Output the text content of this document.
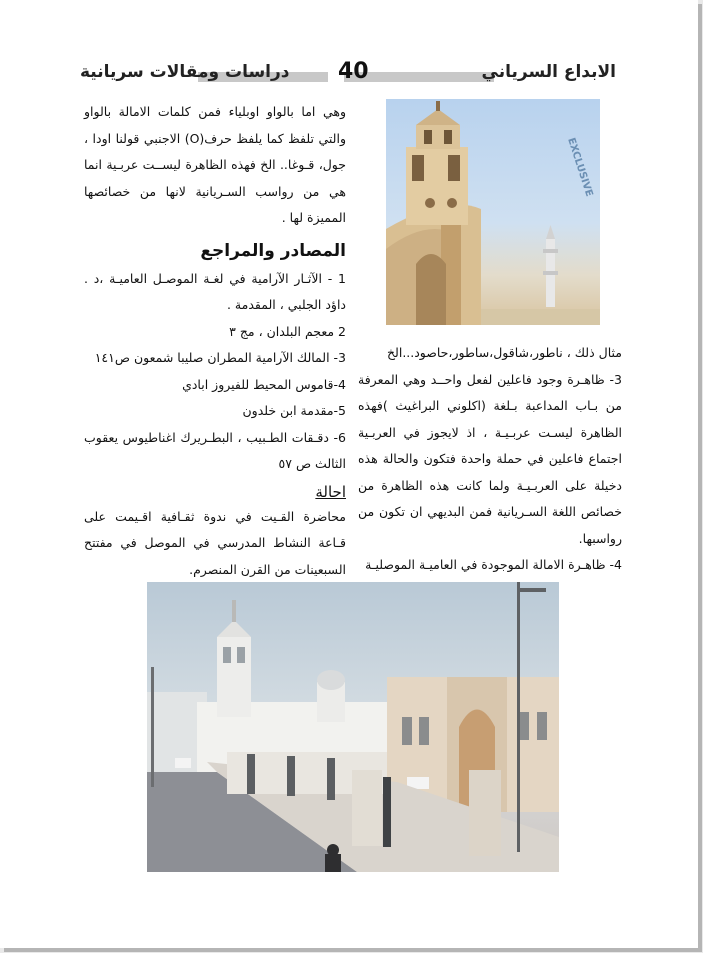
الابداع السرياني
40
دراسات ومقالات سريانية

وهي اما بالواو اوبلياء فمن كلمات الامالة بالواو والتي تلفظ كما يلفظ حرف(O) الاجنبي قولنا اودا ، جول، قـوغا.. الخ فهذه الظاهرة ليســت عربـية انما هي من رواسب السـريانية لانها من خصائصها المميزة لها .

المصادر والمراجع

1 - الآثـار الآرامية في لغـة الموصـل العاميـة ،د . داؤد الجلبي ، المقدمة .

2 معجم البلدان ، مج ٣

3- المالك الآرامية المطران صليبا شمعون ص١٤١

4-قاموس المحيط للفيروز ابادي

5-مقدمة ابن خلدون

6- دقـقات الطـبيب ، البطـريرك اغناطيوس يعقوب الثالث ص ٥٧

احالة

محاضرة القـيت في ندوة ثقـافية اقـيمت على قـاعة النشاط المدرسي في الموصل في مفتتح السبعينات من القرن المنصرم.

EXCLUSIVE

مثال ذلك ، ناطور،شاقول،ساطور،حاصود...الخ

3- ظاهـرة وجود فاعلين لفعل واحــد وهي المعرفة من بـاب المداعبة بـلغة (اكلوني البراغيث )فهذه الظاهرة ليسـت عربـيـة ، اذ لايجوز في العربـية اجتماع فاعلين في حملة واحدة فتكون والحالة هذه دخيلة على العربـيـة ولما كانت هذه الظاهرة من خصائص اللغة السـريانية فمن البديهي ان تكون من رواسبها.

4- ظاهـرة الامالة الموجودة في العاميـة الموصليـة
